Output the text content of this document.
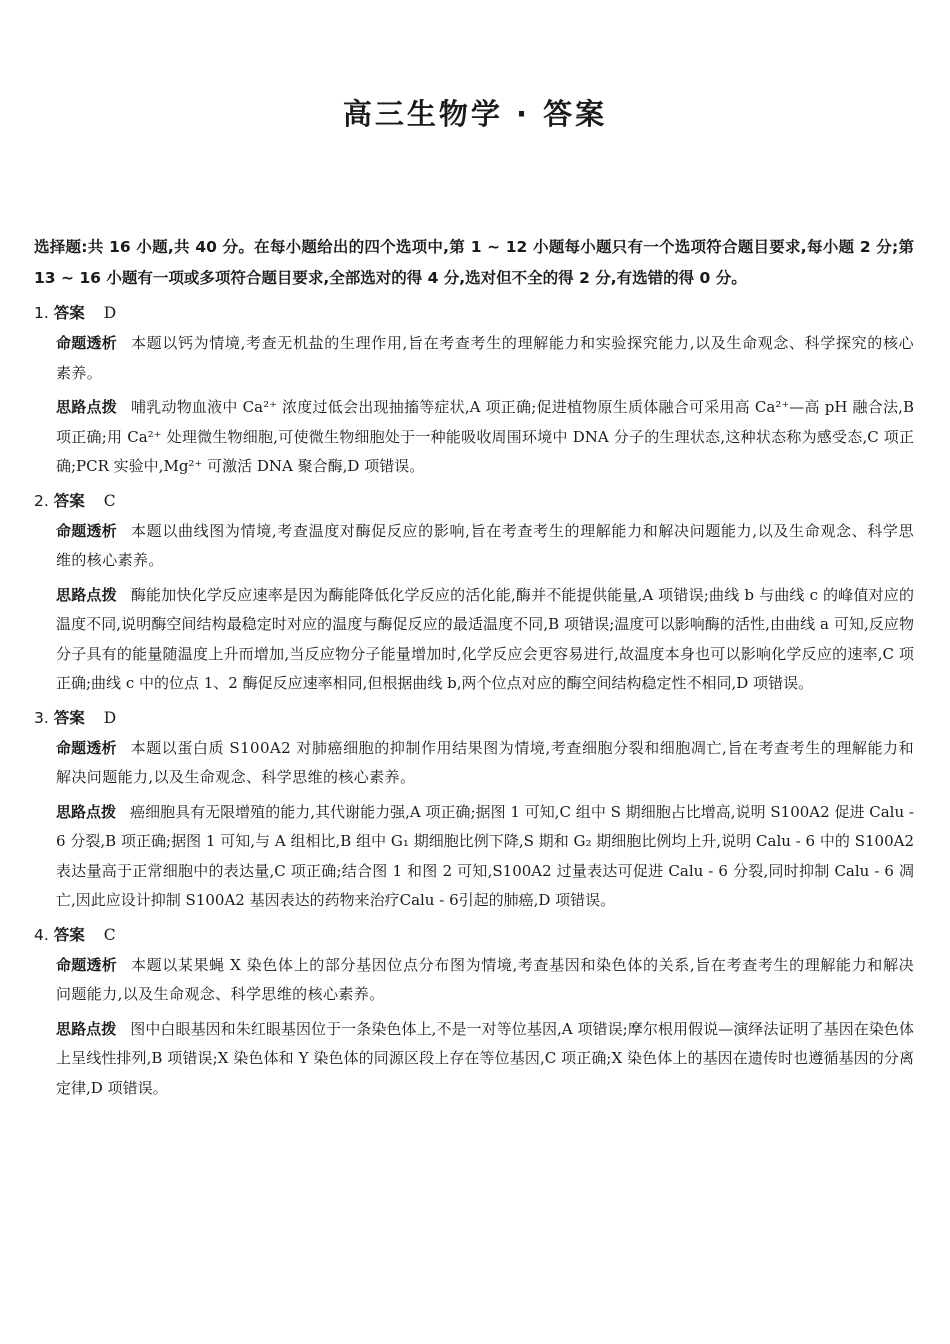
高三生物学 · 答案

选择题:共 16 小题,共 40 分。在每小题给出的四个选项中,第 1 ~ 12 小题每小题只有一个选项符合题目要求,每小题 2 分;第 13 ~ 16 小题有一项或多项符合题目要求,全部选对的得 4 分,选对但不全的得 2 分,有选错的得 0 分。

1. 答案 D

命题透析 本题以钙为情境,考查无机盐的生理作用,旨在考查考生的理解能力和实验探究能力,以及生命观念、科学探究的核心素养。

思路点拨 哺乳动物血液中 Ca²⁺ 浓度过低会出现抽搐等症状,A 项正确;促进植物原生质体融合可采用高 Ca²⁺—高 pH 融合法,B 项正确;用 Ca²⁺ 处理微生物细胞,可使微生物细胞处于一种能吸收周围环境中 DNA 分子的生理状态,这种状态称为感受态,C 项正确;PCR 实验中,Mg²⁺ 可激活 DNA 聚合酶,D 项错误。

2. 答案 C

命题透析 本题以曲线图为情境,考查温度对酶促反应的影响,旨在考查考生的理解能力和解决问题能力,以及生命观念、科学思维的核心素养。

思路点拨 酶能加快化学反应速率是因为酶能降低化学反应的活化能,酶并不能提供能量,A 项错误;曲线 b 与曲线 c 的峰值对应的温度不同,说明酶空间结构最稳定时对应的温度与酶促反应的最适温度不同,B 项错误;温度可以影响酶的活性,由曲线 a 可知,反应物分子具有的能量随温度上升而增加,当反应物分子能量增加时,化学反应会更容易进行,故温度本身也可以影响化学反应的速率,C 项正确;曲线 c 中的位点 1、2 酶促反应速率相同,但根据曲线 b,两个位点对应的酶空间结构稳定性不相同,D 项错误。

3. 答案 D

命题透析 本题以蛋白质 S100A2 对肺癌细胞的抑制作用结果图为情境,考查细胞分裂和细胞凋亡,旨在考查考生的理解能力和解决问题能力,以及生命观念、科学思维的核心素养。

思路点拨 癌细胞具有无限增殖的能力,其代谢能力强,A 项正确;据图 1 可知,C 组中 S 期细胞占比增高,说明 S100A2 促进 Calu - 6 分裂,B 项正确;据图 1 可知,与 A 组相比,B 组中 G₁ 期细胞比例下降,S 期和 G₂ 期细胞比例均上升,说明 Calu - 6 中的 S100A2 表达量高于正常细胞中的表达量,C 项正确;结合图 1 和图 2 可知,S100A2 过量表达可促进 Calu - 6 分裂,同时抑制 Calu - 6 凋亡,因此应设计抑制 S100A2 基因表达的药物来治疗Calu - 6引起的肺癌,D 项错误。

4. 答案 C

命题透析 本题以某果蝇 X 染色体上的部分基因位点分布图为情境,考查基因和染色体的关系,旨在考查考生的理解能力和解决问题能力,以及生命观念、科学思维的核心素养。

思路点拨 图中白眼基因和朱红眼基因位于一条染色体上,不是一对等位基因,A 项错误;摩尔根用假说—演绎法证明了基因在染色体上呈线性排列,B 项错误;X 染色体和 Y 染色体的同源区段上存在等位基因,C 项正确;X 染色体上的基因在遗传时也遵循基因的分离定律,D 项错误。
